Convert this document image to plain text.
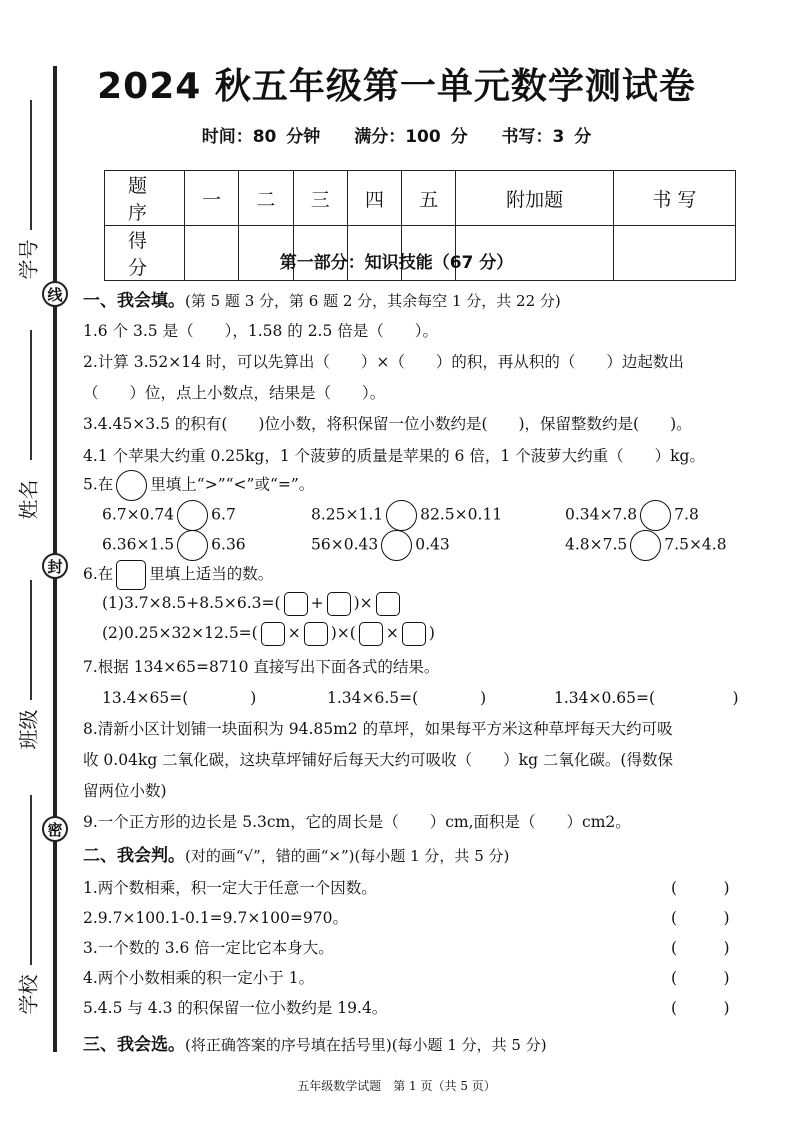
学号
线
姓名
封
班级
密
学校
2024 秋五年级第一单元数学测试卷
时间：80 分钟 满分：100 分 书写：3 分
题 序	一	二	三	四	五	附加题	书 写
得 分								第一部分：知识技能（67 分）
一、我会填。(第 5 题 3 分，第 6 题 2 分，其余每空 1 分，共 22 分)
1.6 个 3.5 是（　　），1.58 的 2.5 倍是（　　）。
2.计算 3.52×14 时，可以先算出（　　）×（　　）的积，再从积的（　　）边起数出
（　　）位，点上小数点，结果是（　　）。
3.4.45×3.5 的积有(　　)位小数，将积保留一位小数约是(　　)，保留整数约是(　　)。
4.1 个苹果大约重 0.25kg，1 个菠萝的质量是苹果的 6 倍，1 个菠萝大约重（　　）kg。
5.在 里填上“>”“<”或“=”。
6.7×0.74 6.7	8.25×1.1 82.5×0.11	0.34×7.8 7.8
6.36×1.5 6.36	56×0.43 0.43	4.8×7.5 7.5×4.8
6.在 里填上适当的数。
(1)3.7×8.5+8.5×6.3=( + )×
(2)0.25×32×12.5=( × )×( × )
7.根据 134×65=8710 直接写出下面各式的结果。
13.4×65=(　　　　)	1.34×6.5=(　　　　)	1.34×0.65=(　　　　　)
8.清新小区计划铺一块面积为 94.85m2 的草坪，如果每平方米这种草坪每天大约可吸
收 0.04kg 二氧化碳，这块草坪铺好后每天大约可吸收（　　）kg 二氧化碳。(得数保
留两位小数)
9.一个正方形的边长是 5.3cm，它的周长是（　　）cm,面积是（　　）cm2。
二、我会判。(对的画“√”，错的画“×”)(每小题 1 分，共 5 分)
1.两个数相乘，积一定大于任意一个因数。	(　　　)
2.9.7×100.1-0.1=9.7×100=970。	(　　　)
3.一个数的 3.6 倍一定比它本身大。	(　　　)
4.两个小数相乘的积一定小于 1。	(　　　)
5.4.5 与 4.3 的积保留一位小数约是 19.4。	(　　　)
三、我会选。(将正确答案的序号填在括号里)(每小题 1 分，共 5 分)
五年级数学试题　第 1 页（共 5 页）
